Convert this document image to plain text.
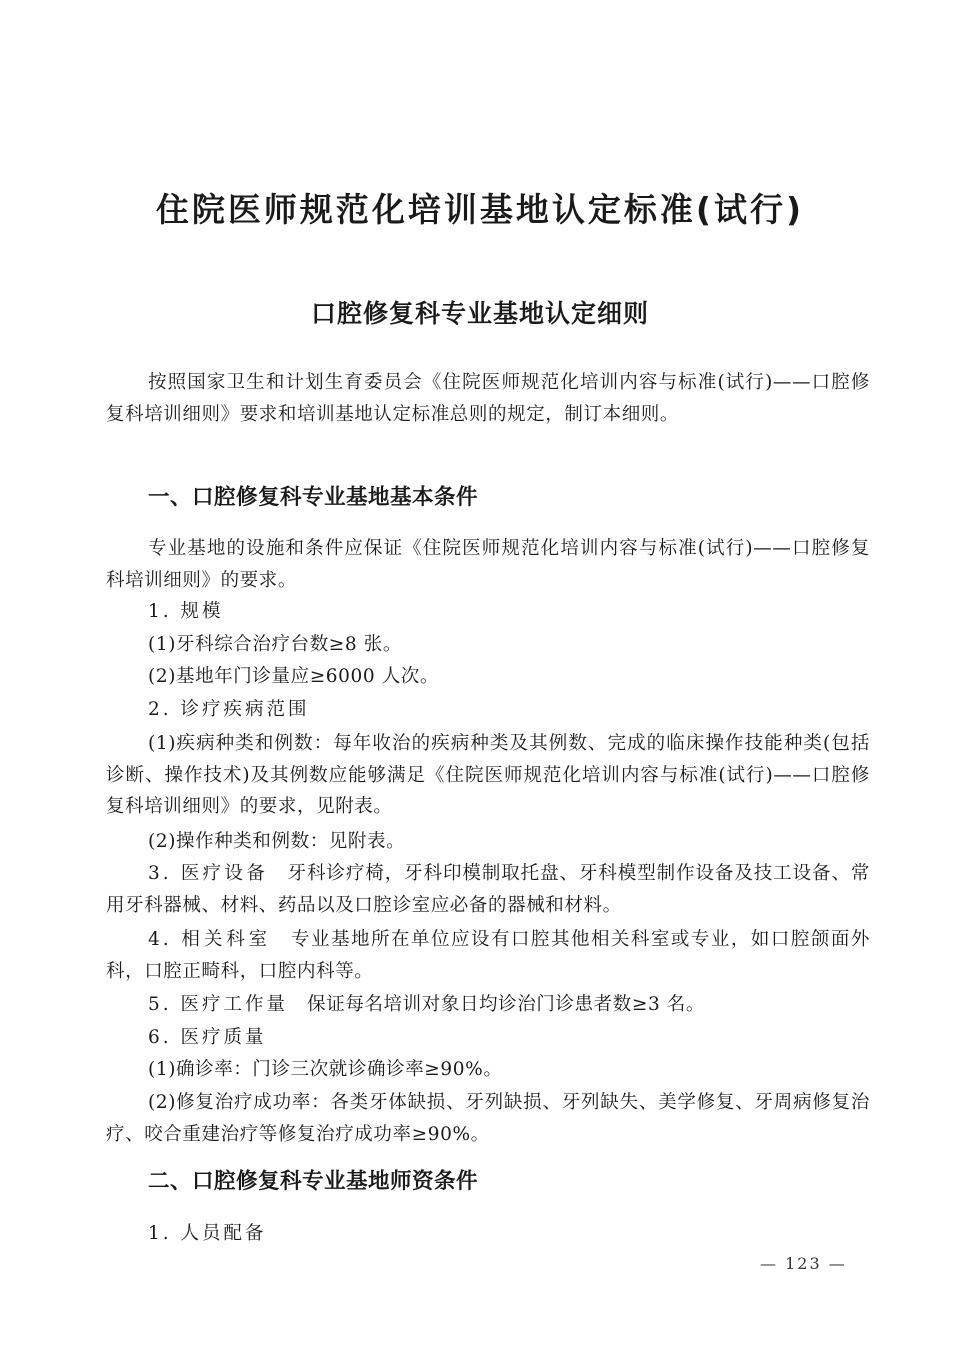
住院医师规范化培训基地认定标准(试行)
口腔修复科专业基地认定细则

按照国家卫生和计划生育委员会《住院医师规范化培训内容与标准(试行)——口腔修复科培训细则》要求和培训基地认定标准总则的规定，制订本细则。

一、口腔修复科专业基地基本条件

专业基地的设施和条件应保证《住院医师规范化培训内容与标准(试行)——口腔修复科培训细则》的要求。

1. 规模

(1)牙科综合治疗台数≥8 张。

(2)基地年门诊量应≥6000 人次。

2. 诊疗疾病范围

(1)疾病种类和例数：每年收治的疾病种类及其例数、完成的临床操作技能种类(包括诊断、操作技术)及其例数应能够满足《住院医师规范化培训内容与标准(试行)——口腔修复科培训细则》的要求，见附表。

(2)操作种类和例数：见附表。

3. 医疗设备　 牙科诊疗椅，牙科印模制取托盘、牙科模型制作设备及技工设备、常用牙科器械、材料、药品以及口腔诊室应必备的器械和材料。

4. 相关科室　 专业基地所在单位应设有口腔其他相关科室或专业，如口腔颌面外科，口腔正畸科，口腔内科等。

5. 医疗工作量　 保证每名培训对象日均诊治门诊患者数≥3 名。

6. 医疗质量

(1)确诊率：门诊三次就诊确诊率≥90%。

(2)修复治疗成功率：各类牙体缺损、牙列缺损、牙列缺失、美学修复、牙周病修复治疗、咬合重建治疗等修复治疗成功率≥90%。

二、口腔修复科专业基地师资条件

1. 人员配备

— 123 —
